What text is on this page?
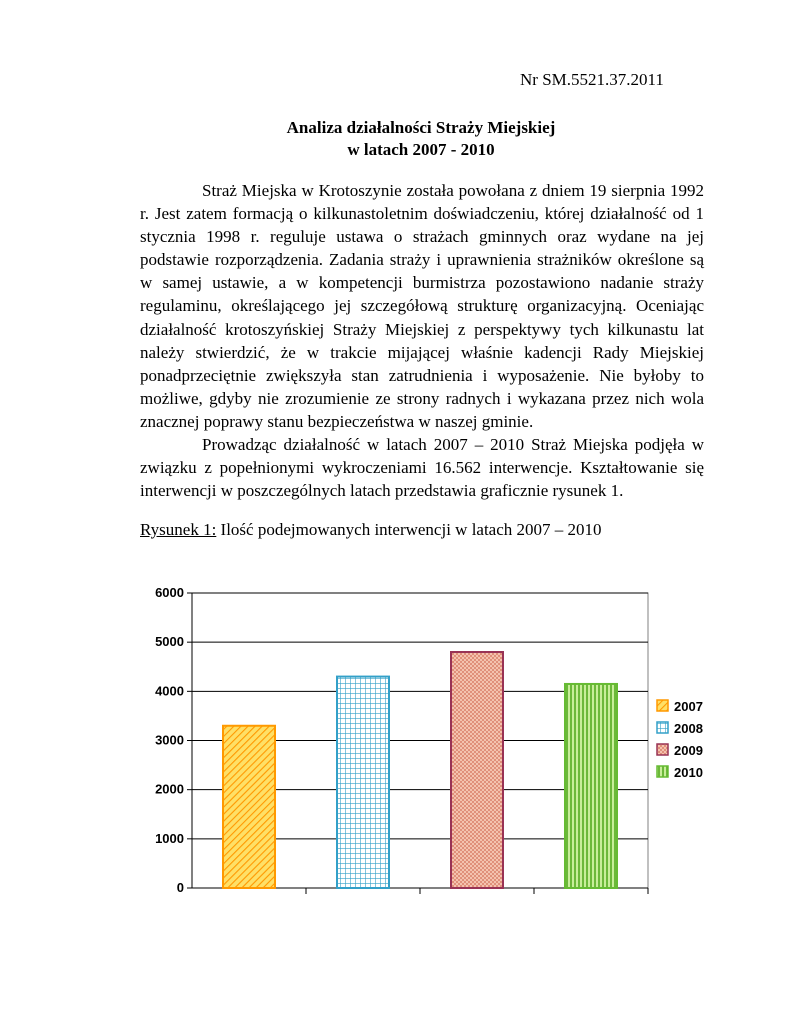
Nr SM.5521.37.2011
Analiza działalności Straży Miejskiej
w latach 2007 - 2010

Straż Miejska w Krotoszynie została powołana z dniem 19 sierpnia 1992 r. Jest zatem formacją o kilkunastoletnim doświadczeniu, której działalność od 1 stycznia 1998 r. reguluje ustawa o strażach gminnych oraz wydane na jej podstawie rozporządzenia. Zadania straży i uprawnienia strażników określone są w samej ustawie, a w kompetencji burmistrza pozostawiono nadanie straży regulaminu, określającego jej szczegółową strukturę organizacyjną. Oceniając działalność krotoszyńskiej Straży Miejskiej z perspektywy tych kilkunastu lat należy stwierdzić, że w trakcie mijającej właśnie kadencji Rady Miejskiej ponadprzeciętnie zwiększyła stan zatrudnienia i wyposażenie. Nie byłoby to możliwe, gdyby nie zrozumienie ze strony radnych i wykazana przez nich wola znacznej poprawy stanu bezpieczeństwa w naszej gminie.

Prowadząc działalność w latach 2007 – 2010 Straż Miejska podjęła w związku z popełnionymi wykroczeniami 16.562 interwencje. Kształtowanie się interwencji w poszczególnych latach przedstawia graficznie rysunek 1.

Rysunek 1: Ilość podejmowanych interwencji w latach 2007 – 2010
0
1000
2000
3000
4000
5000
6000
2007
2008
2009
2010
